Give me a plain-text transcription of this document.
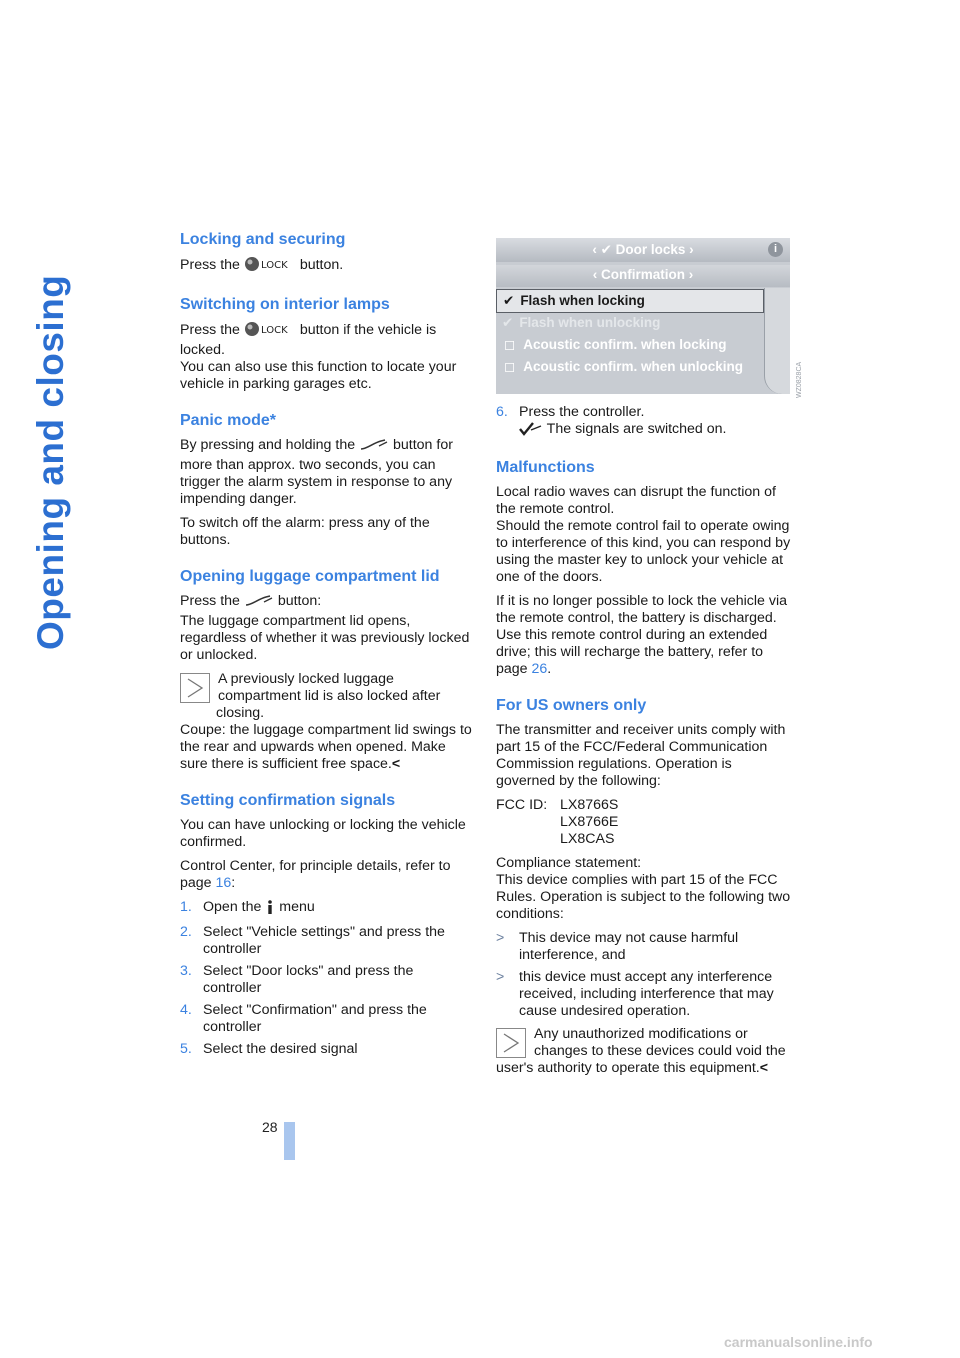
Opening and closing
Locking and securing

Press the LOCK button.

Switching on interior lamps

Press the LOCK button if the vehicle is locked.

You can also use this function to locate your vehicle in parking garages etc.

Panic mode*

By pressing and holding the  button for more than approx. two seconds, you can trigger the alarm system in response to any impending danger.

To switch off the alarm: press any of the buttons.

Opening luggage compartment lid

Press the  button:

The luggage compartment lid opens, regardless of whether it was previously locked or unlocked.

A previously locked luggage compartment lid is also locked after closing.
Coupe: the luggage compartment lid swings to the rear and upwards when opened. Make sure there is sufficient free space.<
Setting confirmation signals

You can have unlocking or locking the vehicle confirmed.

Control Center, for principle details, refer to page 16:

1. Open the  menu
2. Select "Vehicle settings" and press the controller
3. Select "Door locks" and press the controller
4. Select "Confirmation" and press the controller
5. Select the desired signal
‹ ✔ Door locks ›	i
‹ Confirmation ›
✔ Flash when locking
✔ Flash when unlocking
◻ Acoustic confirm. when locking
◻ Acoustic confirm. when unlocking	WZ0828CA
6. Press the controller.
The signals are switched on.
Malfunctions

Local radio waves can disrupt the function of the remote control.

Should the remote control fail to operate owing to interference of this kind, you can respond by using the master key to unlock your vehicle at one of the doors.

If it is no longer possible to lock the vehicle via the remote control, the battery is discharged. Use this remote control during an extended drive; this will recharge the battery, refer to page 26.

For US owners only

The transmitter and receiver units comply with part 15 of the FCC/Federal Communication Commission regulations. Operation is governed by the following:

FCC ID: LX8766S
LX8766E
LX8CAS

Compliance statement:

This device complies with part 15 of the FCC Rules. Operation is subject to the following two conditions:

>	This device may not cause harmful interference, and
>	this device must accept any interference received, including interference that may cause undesired operation.
Any unauthorized modifications or changes to these devices could void the user's authority to operate this equipment.<
28
carmanualsonline.info
